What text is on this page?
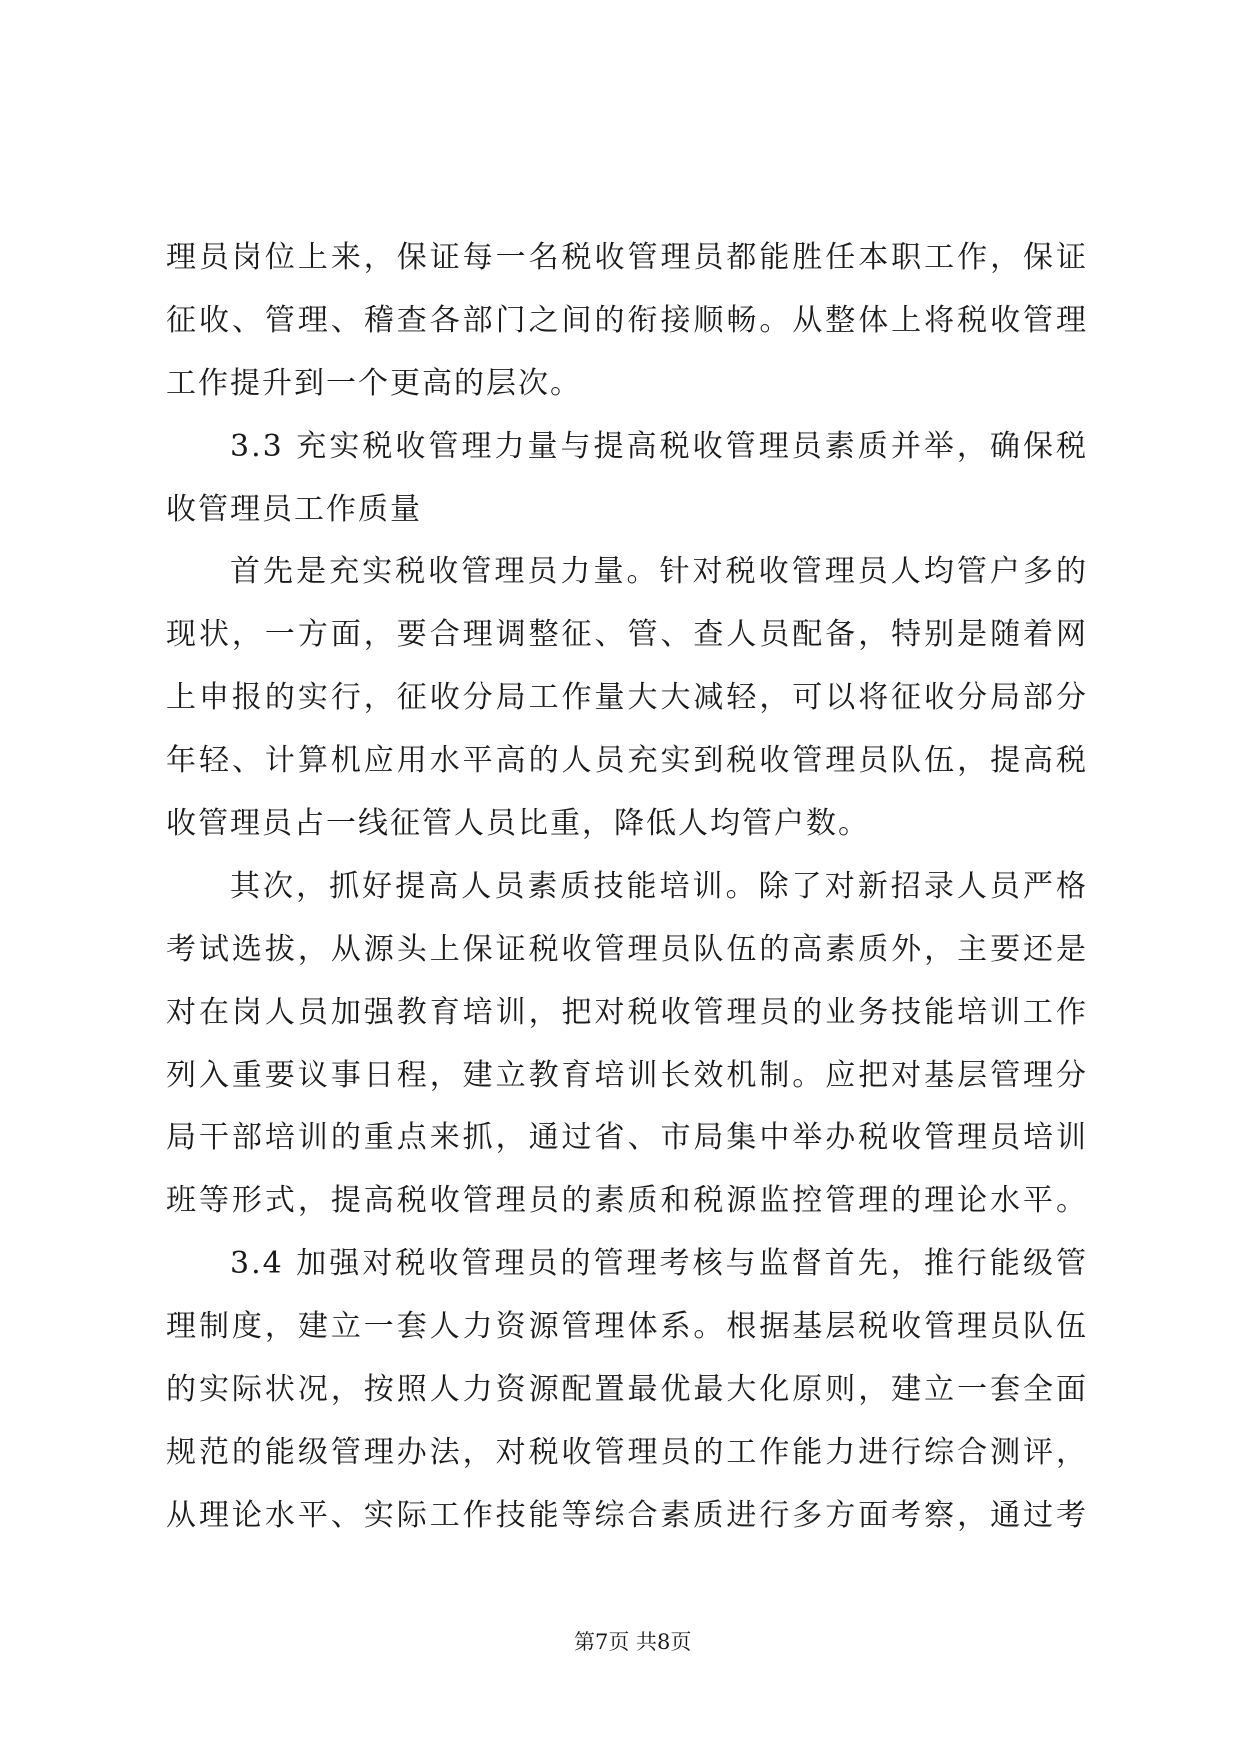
理员岗位上来，保证每一名税收管理员都能胜任本职工作，保证
征收、管理、稽查各部门之间的衔接顺畅。从整体上将税收管理
工作提升到一个更高的层次。
3.3 充实税收管理力量与提高税收管理员素质并举，确保税
收管理员工作质量
首先是充实税收管理员力量。针对税收管理员人均管户多的
现状，一方面，要合理调整征、管、查人员配备，特别是随着网
上申报的实行，征收分局工作量大大减轻，可以将征收分局部分
年轻、计算机应用水平高的人员充实到税收管理员队伍，提高税
收管理员占一线征管人员比重，降低人均管户数。
其次，抓好提高人员素质技能培训。除了对新招录人员严格
考试选拔，从源头上保证税收管理员队伍的高素质外，主要还是
对在岗人员加强教育培训，把对税收管理员的业务技能培训工作
列入重要议事日程，建立教育培训长效机制。应把对基层管理分
局干部培训的重点来抓，通过省、市局集中举办税收管理员培训
班等形式，提高税收管理员的素质和税源监控管理的理论水平。
3.4 加强对税收管理员的管理考核与监督首先，推行能级管
理制度，建立一套人力资源管理体系。根据基层税收管理员队伍
的实际状况，按照人力资源配置最优最大化原则，建立一套全面
规范的能级管理办法，对税收管理员的工作能力进行综合测评，
从理论水平、实际工作技能等综合素质进行多方面考察，通过考
第7页 共8页
